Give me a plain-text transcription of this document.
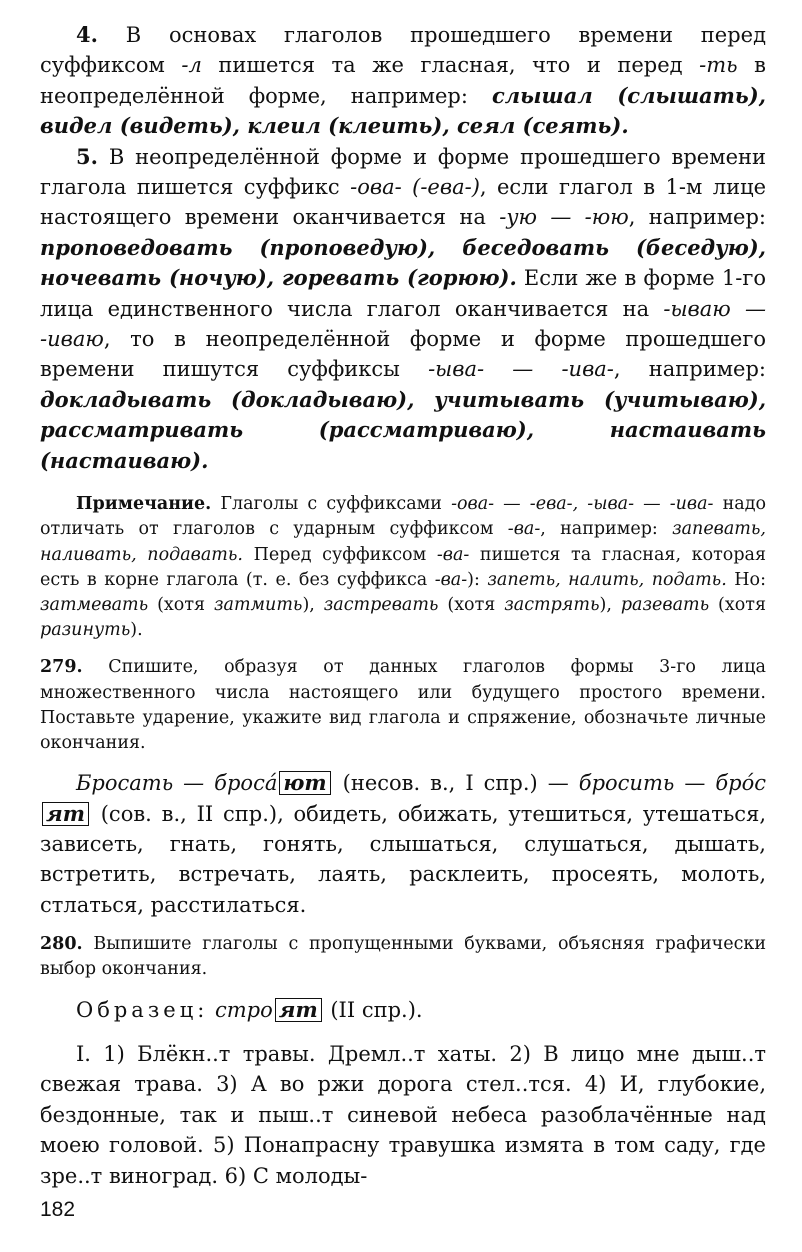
4. В основах глаголов прошедшего времени перед суффиксом -л пишется та же гласная, что и перед -ть в неопределённой форме, например: слышал (слышать), видел (видеть), клеил (клеить), сеял (сеять).

5. В неопределённой форме и форме прошедшего времени глагола пишется суффикс -ова- (-ева-), если глагол в 1-м лице настоящего времени оканчивается на -ую — -юю, например: проповедовать (проповедую), беседовать (беседую), ночевать (ночую), горевать (горюю). Если же в форме 1-го лица единственного числа глагол оканчивается на -ываю — -иваю, то в неопределённой форме и форме прошедшего времени пишутся суффиксы -ыва- — -ива-, например: докладывать (докладываю), учитывать (учитываю), рассматривать (рассматриваю), настаивать (настаиваю).

Примечание. Глаголы с суффиксами -ова- — -ева-, -ыва- — -ива- надо отличать от глаголов с ударным суффиксом -ва-, например: запевать, наливать, подавать. Перед суффиксом -ва- пишется та гласная, которая есть в корне глагола (т. е. без суффикса -ва-): запеть, налить, подать. Но: затмевать (хотя затмить), застревать (хотя застрять), разевать (хотя разинуть).

279. Спишите, образуя от данных глаголов формы 3-го лица множественного числа настоящего или будущего простого времени. Поставьте ударение, укажите вид глагола и спряжение, обозначьте личные окончания.

Бросать — бросá ют (несов. в., I спр.) — бросить — брóсят (сов. в., II спр.), обидеть, обижать, утешиться, утешаться, зависеть, гнать, гонять, слышаться, слушаться, дышать, встретить, встречать, лаять, расклеить, просеять, молоть, стлаться, расстилаться.

280. Выпишите глаголы с пропущенными буквами, объясняя графически выбор окончания.

Образец: стро ят (II спр.).

I. 1) Блёкн..т травы. Дремл..т хаты. 2) В лицо мне дыш..т свежая трава. 3) А во ржи дорога стел..тся. 4) И, глубокие, бездонные, так и пыш..т синевой небеса разоблачённые над моею головой. 5) Понапрасну травушка измята в том саду, где зре..т виноград. 6) С молоды-

182
